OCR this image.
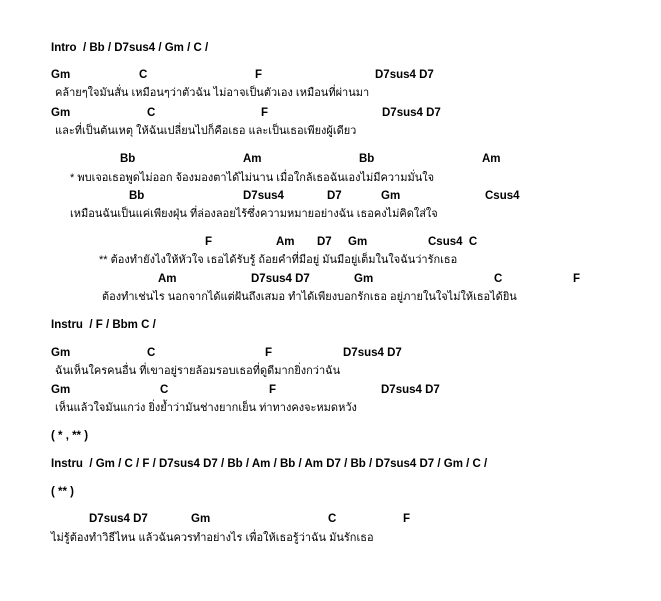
Intro  / Bb / D7sus4 / Gm / C /
Gm	C	F	D7sus4 D7
คล้ายๆใจมันสั่น เหมือนๆว่าตัวฉัน ไม่อาจเป็นตัวเอง เหมือนที่ผ่านมา
Gm	C	F	D7sus4 D7
และที่เป็นต้นเหตุ ให้ฉันเปลี่ยนไปก็คือเธอ และเป็นเธอเพียงผู้เดียว
Bb	Am	Bb	Am
* พบเจอเธอพูดไม่ออก จ้องมองตาได้ไม่นาน เมื่อใกล้เธอฉันเองไม่มีความมั่นใจ
Bb	D7sus4	D7	Gm	Csus4
เหมือนฉันเป็นแค่เพียงฝุ่น ที่ล่องลอยไร้ซึ่งความหมายอย่างฉัน เธอคงไม่คิดใส่ใจ
F	Am D7 Gm	Csus4  C
** ต้องทำยังไงให้หัวใจ เธอได้รับรู้ ถ้อยคำที่มีอยู่ มันมีอยู่เต็มในใจฉันว่ารักเธอ
Am	D7sus4 D7	Gm	C	F
ต้องทำเช่นไร นอกจากได้แต่ฝันถึงเสมอ ทำได้เพียงบอกรักเธอ อยู่ภายในใจไม่ให้เธอได้ยิน
Instru  / F / Bbm C /
Gm	C	F	D7sus4 D7
ฉันเห็นใครคนอื่น ที่เขาอยู่รายล้อมรอบเธอที่ดูดีมากยิ่งกว่าฉัน
Gm	C	F	D7sus4 D7
เห็นแล้วใจมันแกว่ง ยิ่งย้ำว่ามันช่างยากเย็น ท่าทางคงจะหมดหวัง
( * , ** )
Instru  / Gm / C / F / D7sus4 D7 / Bb / Am / Bb / Am D7 / Bb / D7sus4 D7 / Gm / C /
( ** )
D7sus4 D7	Gm	C	F
ไม่รู้ต้องทำวิธีไหน แล้วฉันควรทำอย่างไร เพื่อให้เธอรู้ว่าฉัน มันรักเธอ
